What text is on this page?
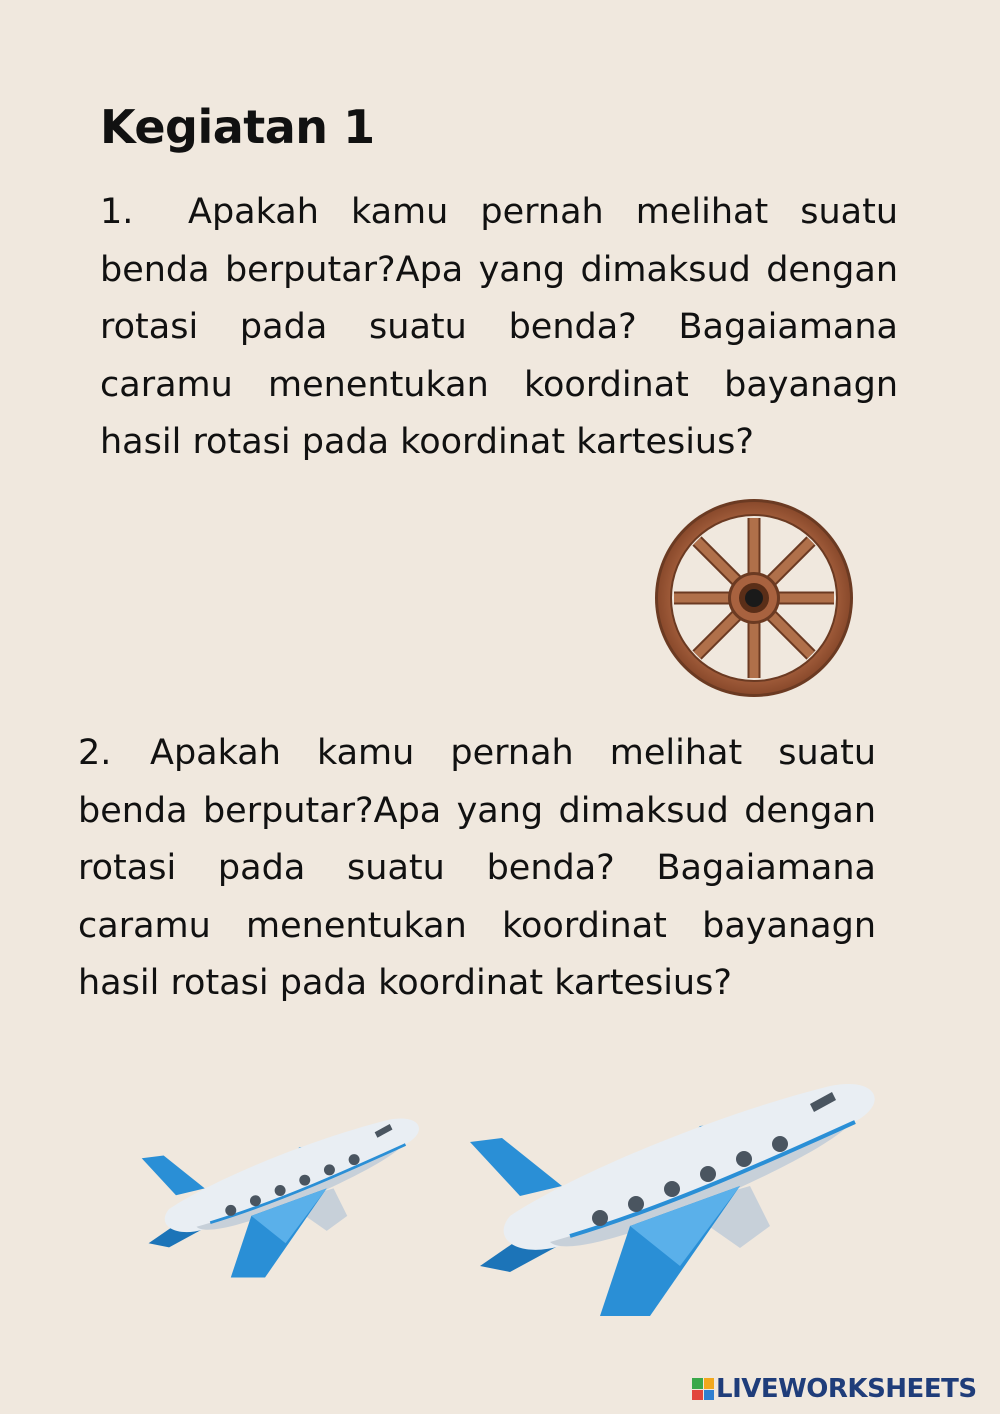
Kegiatan 1

1. Apakah kamu pernah melihat suatu benda berputar?Apa yang dimaksud dengan rotasi pada suatu benda? Bagaiamana caramu menentukan koordinat bayanagn hasil rotasi pada koordinat kartesius?

2. Apakah kamu pernah melihat suatu benda berputar?Apa yang dimaksud dengan rotasi pada suatu benda? Bagaiamana caramu menentukan koordinat bayanagn hasil rotasi pada koordinat kartesius?

LIVEWORKSHEETS
